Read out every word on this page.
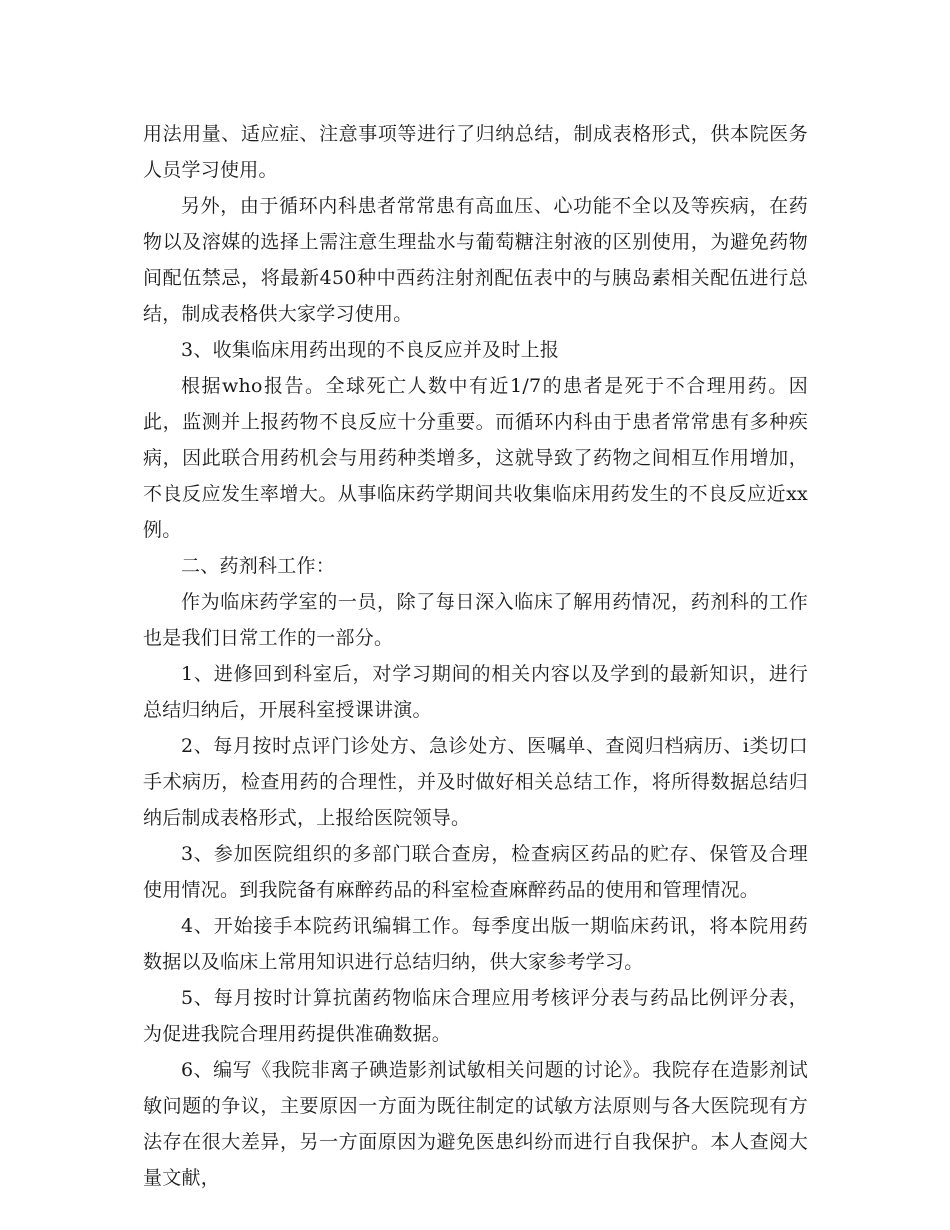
用法用量、适应症、注意事项等进行了归纳总结，制成表格形式，供本院医务人员学习使用。

另外，由于循环内科患者常常患有高血压、心功能不全以及等疾病，在药物以及溶媒的选择上需注意生理盐水与葡萄糖注射液的区别使用，为避免药物间配伍禁忌，将最新450种中西药注射剂配伍表中的与胰岛素相关配伍进行总结，制成表格供大家学习使用。

3、收集临床用药出现的不良反应并及时上报

根据who报告。全球死亡人数中有近1/7的患者是死于不合理用药。因此，监测并上报药物不良反应十分重要。而循环内科由于患者常常患有多种疾病，因此联合用药机会与用药种类增多，这就导致了药物之间相互作用增加，不良反应发生率增大。从事临床药学期间共收集临床用药发生的不良反应近xx例。

二、药剂科工作：

作为临床药学室的一员，除了每日深入临床了解用药情况，药剂科的工作也是我们日常工作的一部分。

1、进修回到科室后，对学习期间的相关内容以及学到的最新知识，进行总结归纳后，开展科室授课讲演。

2、每月按时点评门诊处方、急诊处方、医嘱单、查阅归档病历、ⅰ类切口手术病历，检查用药的合理性，并及时做好相关总结工作，将所得数据总结归纳后制成表格形式，上报给医院领导。

3、参加医院组织的多部门联合查房，检查病区药品的贮存、保管及合理使用情况。到我院备有麻醉药品的科室检查麻醉药品的使用和管理情况。

4、开始接手本院药讯编辑工作。每季度出版一期临床药讯，将本院用药数据以及临床上常用知识进行总结归纳，供大家参考学习。

5、每月按时计算抗菌药物临床合理应用考核评分表与药品比例评分表，为促进我院合理用药提供准确数据。

6、编写《我院非离子碘造影剂试敏相关问题的讨论》。我院存在造影剂试敏问题的争议，主要原因一方面为既往制定的试敏方法原则与各大医院现有方法存在很大差异，另一方面原因为避免医患纠纷而进行自我保护。本人查阅大量文献，
